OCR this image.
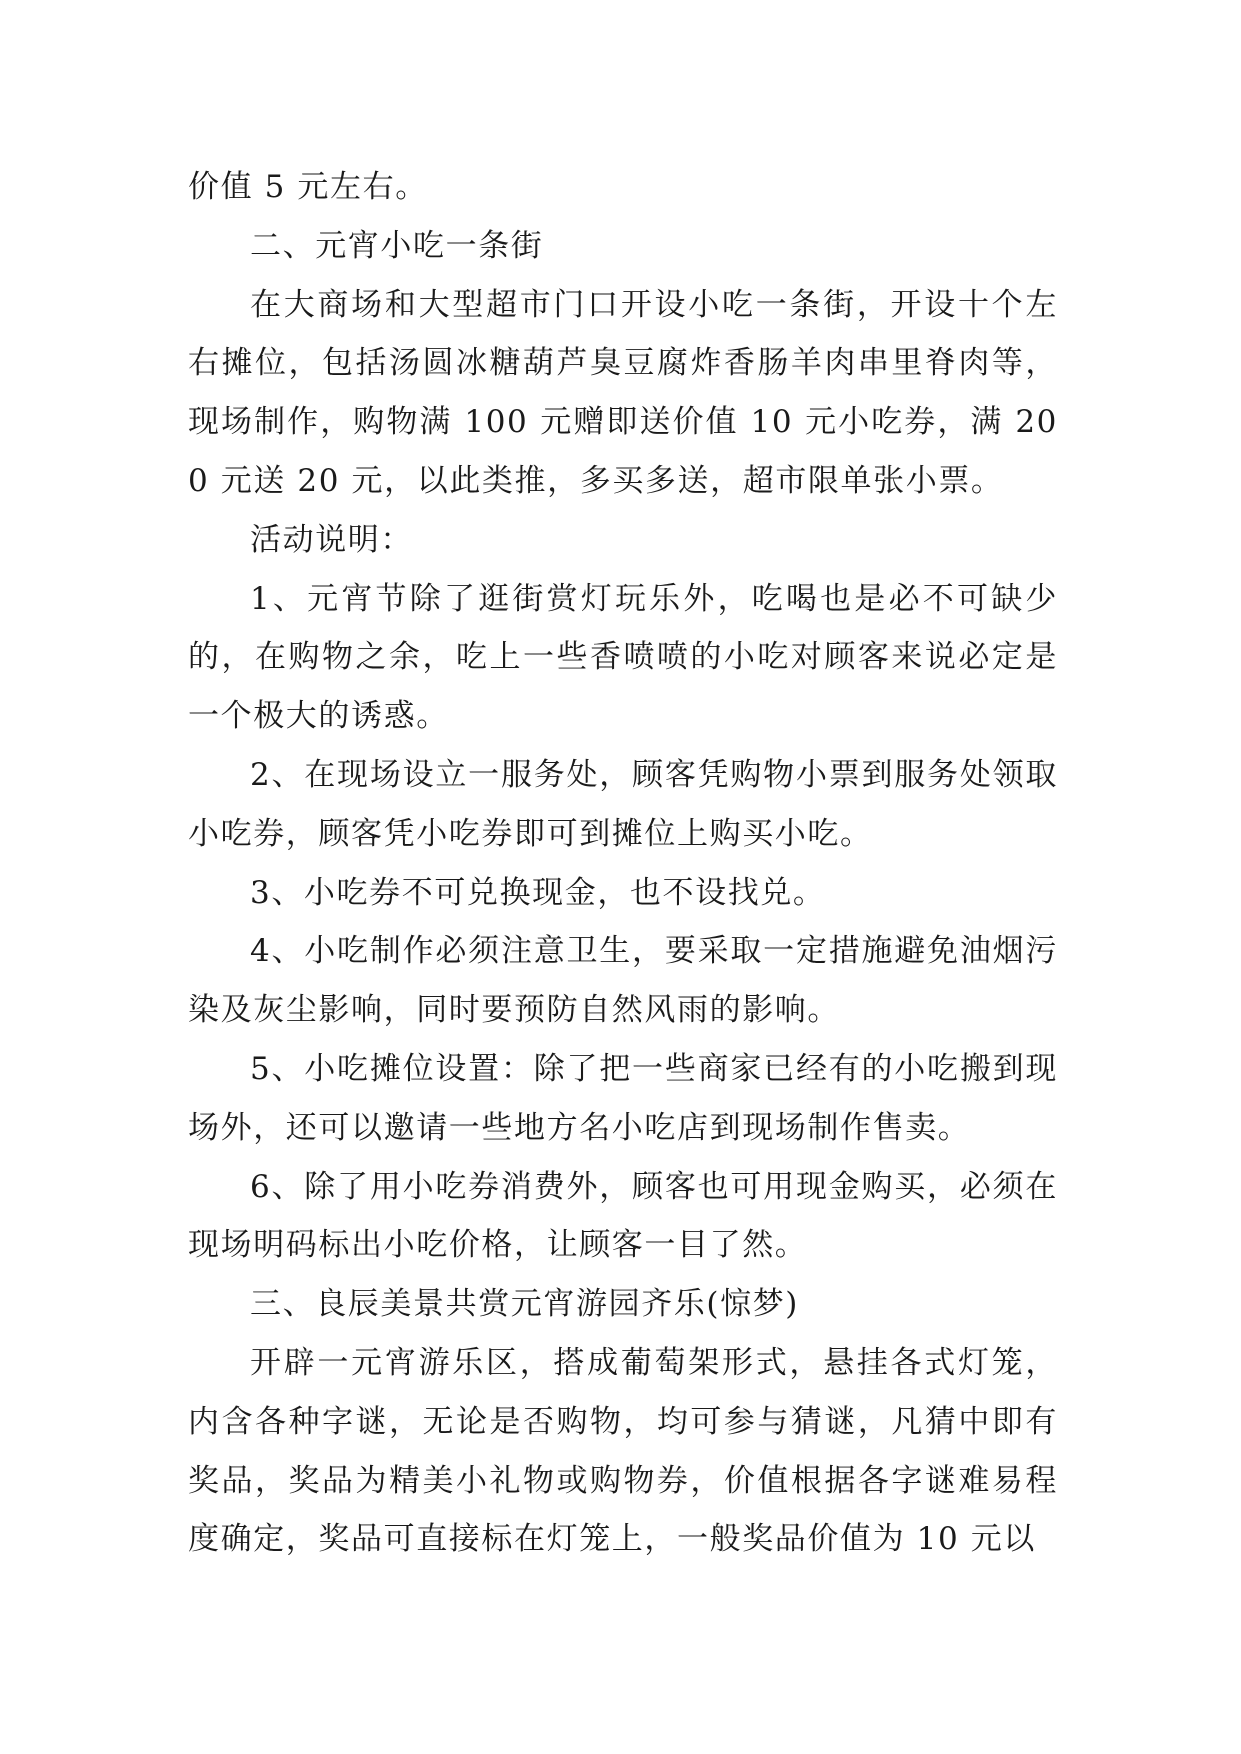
价值 5 元左右。

二、元宵小吃一条街

在大商场和大型超市门口开设小吃一条街，开设十个左右摊位，包括汤圆冰糖葫芦臭豆腐炸香肠羊肉串里脊肉等，现场制作，购物满 100 元赠即送价值 10 元小吃券，满 200 元送 20 元，以此类推，多买多送，超市限单张小票。

活动说明：

1、元宵节除了逛街赏灯玩乐外，吃喝也是必不可缺少的，在购物之余，吃上一些香喷喷的小吃对顾客来说必定是一个极大的诱惑。

2、在现场设立一服务处，顾客凭购物小票到服务处领取小吃券，顾客凭小吃券即可到摊位上购买小吃。

3、小吃券不可兑换现金，也不设找兑。

4、小吃制作必须注意卫生，要采取一定措施避免油烟污染及灰尘影响，同时要预防自然风雨的影响。

5、小吃摊位设置：除了把一些商家已经有的小吃搬到现场外，还可以邀请一些地方名小吃店到现场制作售卖。

6、除了用小吃券消费外，顾客也可用现金购买，必须在现场明码标出小吃价格，让顾客一目了然。

三、良辰美景共赏元宵游园齐乐(惊梦)

开辟一元宵游乐区，搭成葡萄架形式，悬挂各式灯笼，内含各种字谜，无论是否购物，均可参与猜谜，凡猜中即有奖品，奖品为精美小礼物或购物券，价值根据各字谜难易程度确定，奖品可直接标在灯笼上，一般奖品价值为 10 元以
